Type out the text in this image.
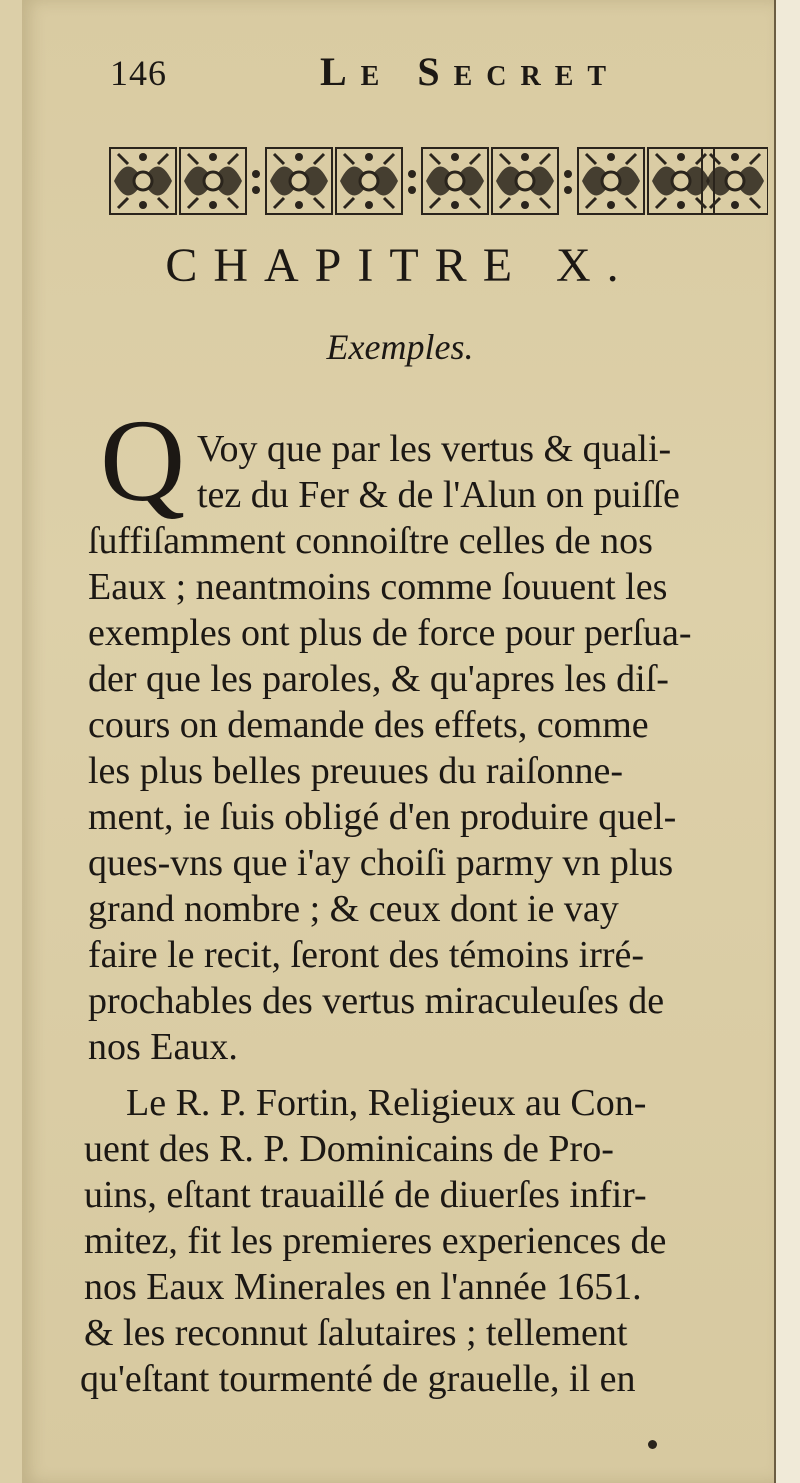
146	Le Secret
CHAPITRE X.
Exemples.
Q Voy que par les vertus & quali-
tez du Fer & de l'Alun on puiſſe
ſuffiſamment connoiſtre celles de nos
Eaux ; neantmoins comme ſouuent les
exemples ont plus de force pour perſua-
der que les paroles, & qu'apres les diſ-
cours on demande des effets, comme
les plus belles preuues du raiſonne-
ment, ie ſuis obligé d'en produire quel-
ques-vns que i'ay choiſi parmy vn plus
grand nombre ; & ceux dont ie vay
faire le recit, ſeront des témoins irré-
prochables des vertus miraculeuſes de
nos Eaux.
Le R. P. Fortin, Religieux au Con-
uent des R. P. Dominicains de Pro-
uins, eſtant trauaillé de diuerſes infir-
mitez, fit les premieres experiences de
nos Eaux Minerales en l'année 1651.
& les reconnut ſalutaires ; tellement
qu'eſtant tourmenté de grauelle, il en
